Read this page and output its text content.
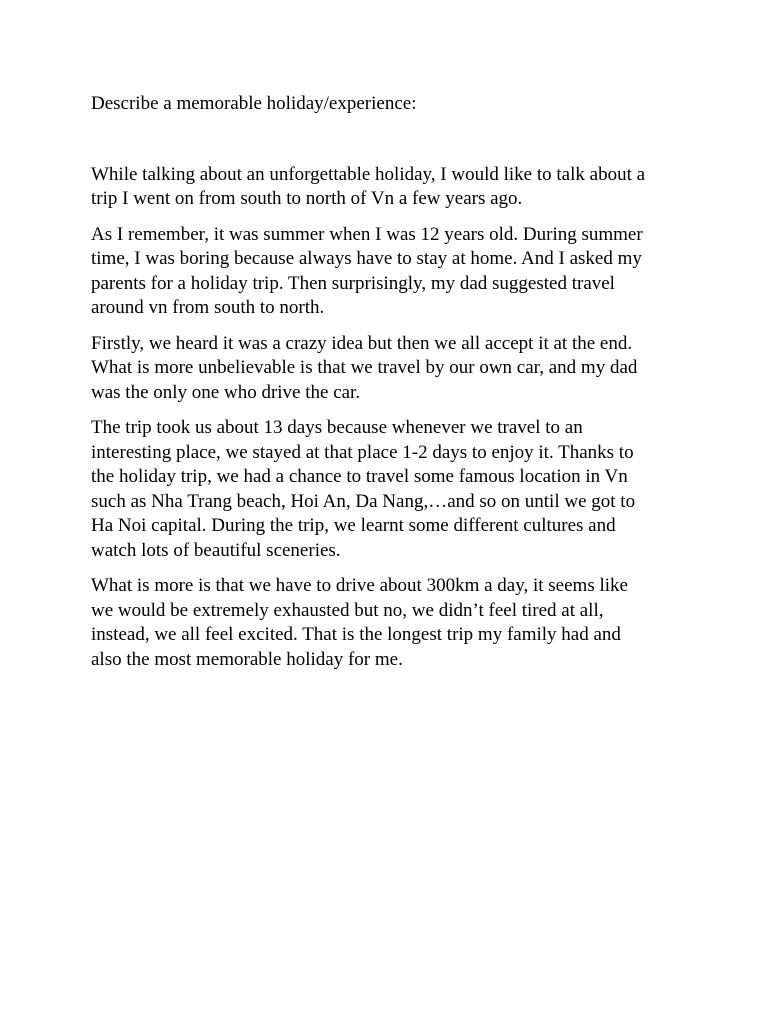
Describe a memorable holiday/experience:

While talking about an unforgettable holiday, I would like to talk about a
trip I went on from south to north of Vn a few years ago.

As I remember, it was summer when I was 12 years old. During summer
time, I was boring because always have to stay at home. And I asked my
parents for a holiday trip. Then surprisingly, my dad suggested travel
around vn from south to north.

Firstly, we heard it was a crazy idea but then we all accept it at the end.
What is more unbelievable is that we travel by our own car, and my dad
was the only one who drive the car.

The trip took us about 13 days because whenever we travel to an
interesting place, we stayed at that place 1-2 days to enjoy it. Thanks to
the holiday trip, we had a chance to travel some famous location in Vn
such as Nha Trang beach, Hoi An, Da Nang,…and so on until we got to
Ha Noi capital. During the trip, we learnt some different cultures and
watch lots of beautiful sceneries.

What is more is that we have to drive about 300km a day, it seems like
we would be extremely exhausted but no, we didn’t feel tired at all,
instead, we all feel excited. That is the longest trip my family had and
also the most memorable holiday for me.
